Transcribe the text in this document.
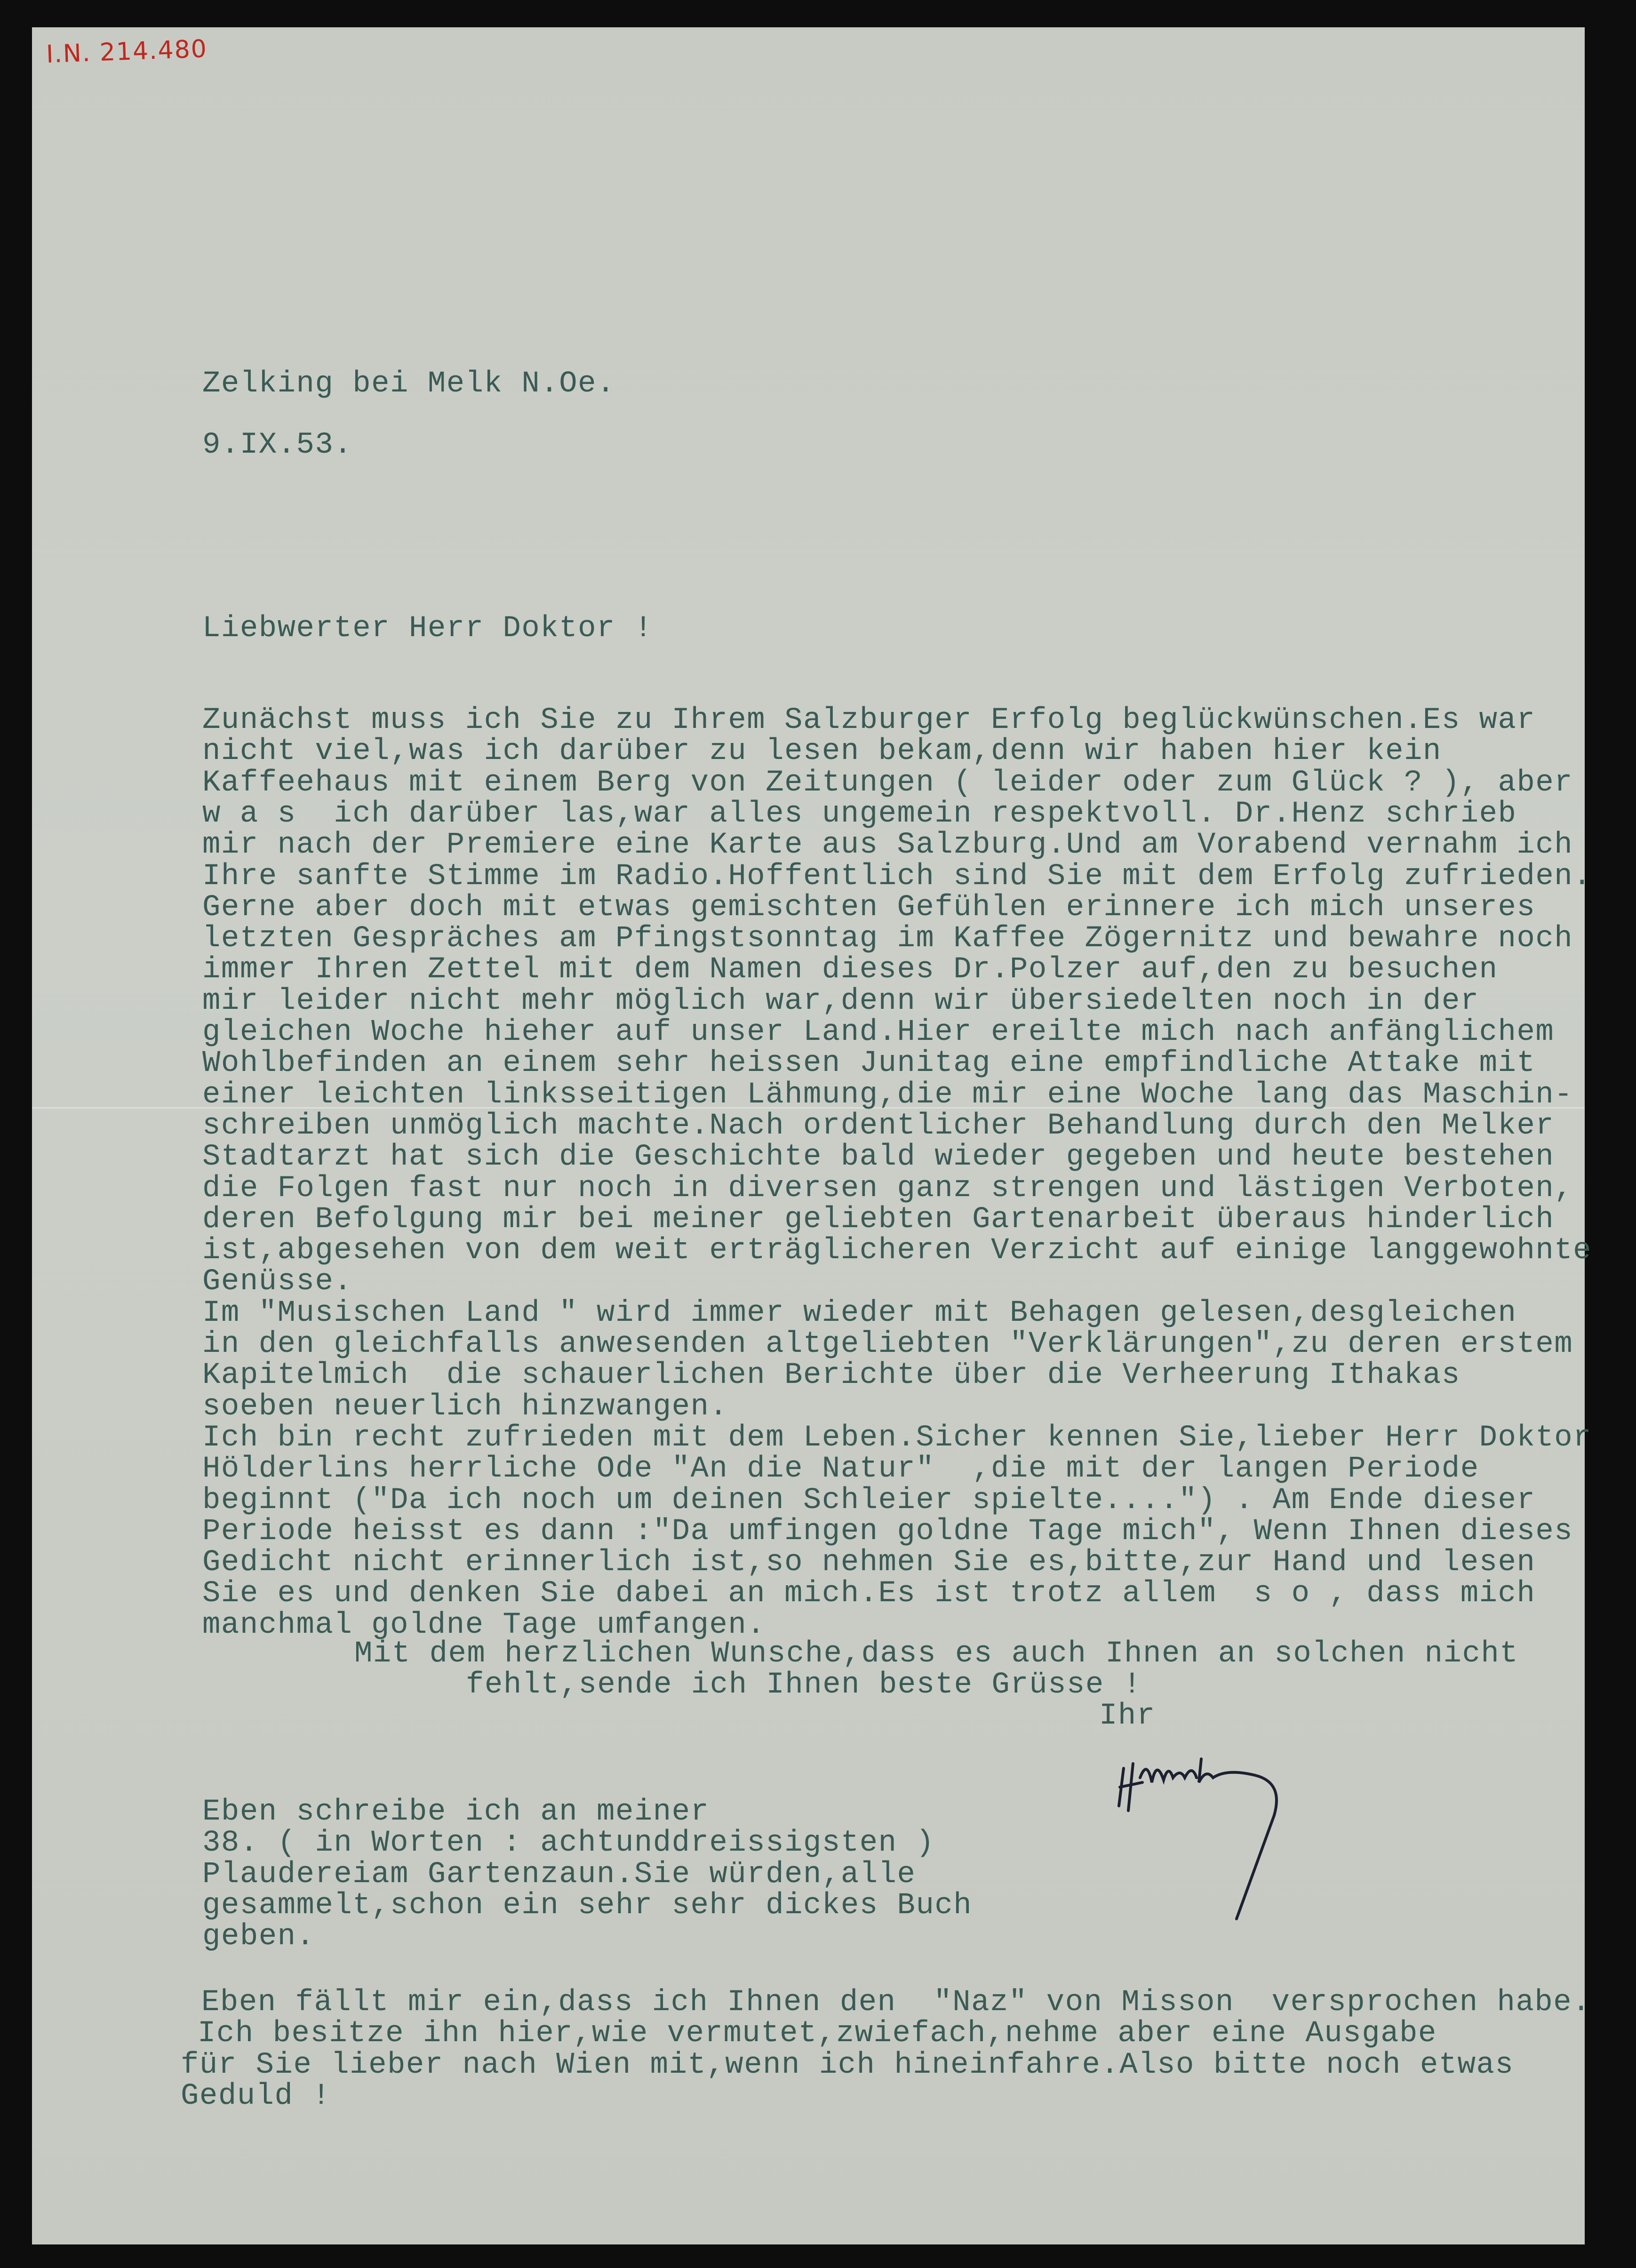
I.N. 214.480
Zelking bei Melk N.Oe.
9.IX.53.
Liebwerter Herr Doktor !
Zunächst muss ich Sie zu Ihrem Salzburger Erfolg beglückwünschen.Es war
nicht viel,was ich darüber zu lesen bekam,denn wir haben hier kein
Kaffeehaus mit einem Berg von Zeitungen ( leider oder zum Glück ? ), aber
w a s  ich darüber las,war alles ungemein respektvoll. Dr.Henz schrieb
mir nach der Premiere eine Karte aus Salzburg.Und am Vorabend vernahm ich
Ihre sanfte Stimme im Radio.Hoffentlich sind Sie mit dem Erfolg zufrieden.
Gerne aber doch mit etwas gemischten Gefühlen erinnere ich mich unseres
letzten Gespräches am Pfingstsonntag im Kaffee Zögernitz und bewahre noch
immer Ihren Zettel mit dem Namen dieses Dr.Polzer auf,den zu besuchen
mir leider nicht mehr möglich war,denn wir übersiedelten noch in der
gleichen Woche hieher auf unser Land.Hier ereilte mich nach anfänglichem
Wohlbefinden an einem sehr heissen Junitag eine empfindliche Attake mit
einer leichten linksseitigen Lähmung,die mir eine Woche lang das Maschin-
schreiben unmöglich machte.Nach ordentlicher Behandlung durch den Melker
Stadtarzt hat sich die Geschichte bald wieder gegeben und heute bestehen
die Folgen fast nur noch in diversen ganz strengen und lästigen Verboten,
deren Befolgung mir bei meiner geliebten Gartenarbeit überaus hinderlich
ist,abgesehen von dem weit erträglicheren Verzicht auf einige langgewohnte
Genüsse.
Im "Musischen Land " wird immer wieder mit Behagen gelesen,desgleichen
in den gleichfalls anwesenden altgeliebten "Verklärungen",zu deren erstem
Kapitelmich  die schauerlichen Berichte über die Verheerung Ithakas
soeben neuerlich hinzwangen.
Ich bin recht zufrieden mit dem Leben.Sicher kennen Sie,lieber Herr Doktor
Hölderlins herrliche Ode "An die Natur"  ,die mit der langen Periode
beginnt ("Da ich noch um deinen Schleier spielte....") . Am Ende dieser
Periode heisst es dann :"Da umfingen goldne Tage mich", Wenn Ihnen dieses
Gedicht nicht erinnerlich ist,so nehmen Sie es,bitte,zur Hand und lesen
Sie es und denken Sie dabei an mich.Es ist trotz allem  s o , dass mich
manchmal goldne Tage umfangen.
Mit dem herzlichen Wunsche,dass es auch Ihnen an solchen nicht
fehlt,sende ich Ihnen beste Grüsse !
Ihr
Eben schreibe ich an meiner
38. ( in Worten : achtunddreissigsten )
Plaudereiam Gartenzaun.Sie würden,alle
gesammelt,schon ein sehr sehr dickes Buch
geben.
Eben fällt mir ein,dass ich Ihnen den  "Naz" von Misson  versprochen habe.
Ich besitze ihn hier,wie vermutet,zwiefach,nehme aber eine Ausgabe
für Sie lieber nach Wien mit,wenn ich hineinfahre.Also bitte noch etwas
Geduld !
